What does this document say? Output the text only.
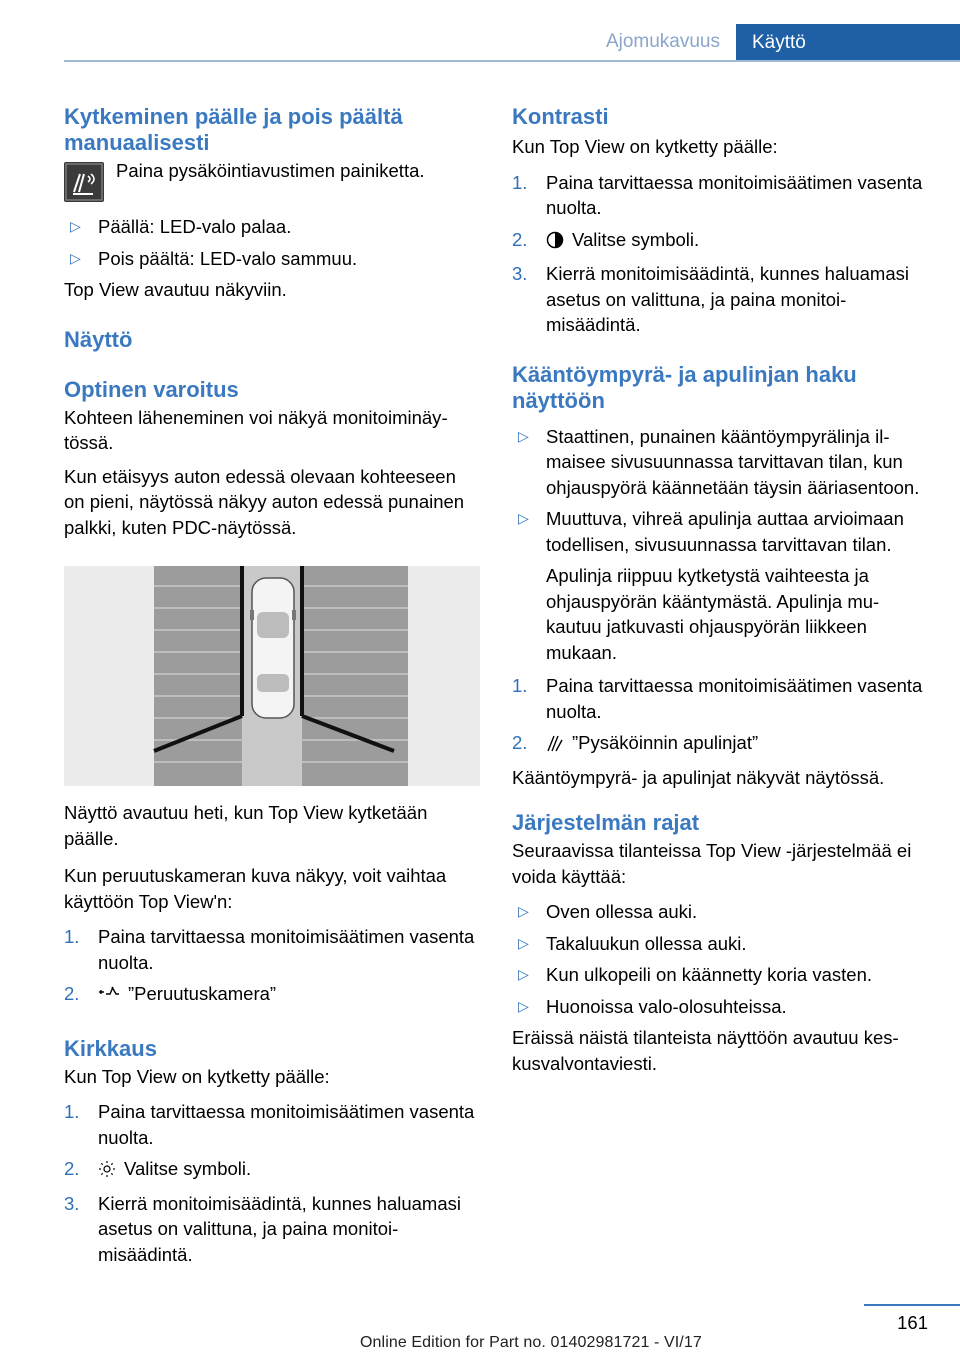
Ajomukavuus	Käyttö
Kytkeminen päälle ja pois päältä manuaalisesti
Paina pysäköintiavustimen painiketta.
▷ Päällä: LED-valo palaa.
▷ Pois päältä: LED-valo sammuu.
Top View avautuu näkyviin.
Näyttö
Optinen varoitus
Kohteen läheneminen voi näkyä monitoiminäytössä.
Kun etäisyys auton edessä olevaan kohteeseen on pieni, näytössä näkyy auton edessä punainen palkki, kuten PDC-näytössä.
Näyttö avautuu heti, kun Top View kytketään päälle.
Kun peruutuskameran kuva näkyy, voit vaihtaa käyttöön Top View'n:
1. Paina tarvittaessa monitoimisäätimen vasenta nuolta.
2.	”Peruutuskamera”
Kirkkaus
Kun Top View on kytketty päälle:
1. Paina tarvittaessa monitoimisäätimen vasenta nuolta.
2. Valitse symboli.
3. Kierrä monitoimisäädintä, kunnes haluamasi asetus on valittuna, ja paina monitoimisäädintä.
Kontrasti
Kun Top View on kytketty päälle:
1. Paina tarvittaessa monitoimisäätimen vasenta nuolta.
2. Valitse symboli.
3. Kierrä monitoimisäädintä, kunnes haluamasi asetus on valittuna, ja paina monitoimisäädintä.
Kääntöympyrä- ja apulinjan haku näyttöön
▷ Staattinen, punainen kääntöympyrälinja ilmaisee sivusuunnassa tarvittavan tilan, kun ohjauspyörä käännetään täysin ääriasentoon.
▷ Muuttuva, vihreä apulinja auttaa arvioimaan todellisen, sivusuunnassa tarvittavan tilan.
Apulinja riippuu kytketystä vaihteesta ja ohjauspyörän kääntymästä. Apulinja mukautuu jatkuvasti ohjauspyörän liikkeen mukaan.
1. Paina tarvittaessa monitoimisäätimen vasenta nuolta.
2. ”Pysäköinnin apulinjat”
Kääntöympyrä- ja apulinjat näkyvät näytössä.
Järjestelmän rajat
Seuraavissa tilanteissa Top View -järjestelmää ei voida käyttää:
▷ Oven ollessa auki.
▷ Takaluukun ollessa auki.
▷ Kun ulkopeili on käännetty koria vasten.
▷ Huonoissa valo-olosuhteissa.
Eräissä näistä tilanteista näyttöön avautuu keskusvalvontaviesti.
161
Online Edition for Part no. 01402981721 - VI/17
